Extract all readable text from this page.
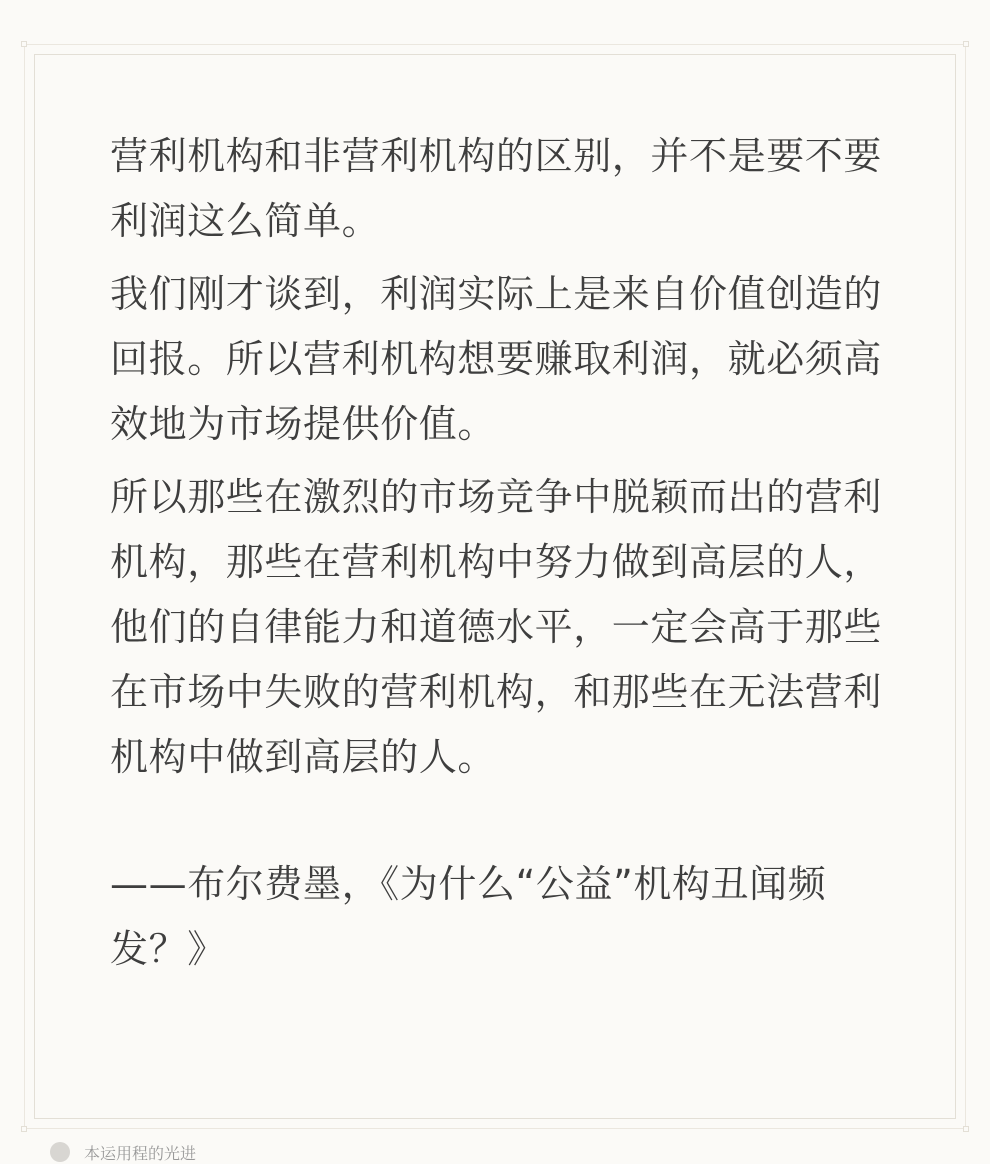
营利机构和非营利机构的区别，并不是要不要利润这么简单。

我们刚才谈到，利润实际上是来自价值创造的回报。所以营利机构想要赚取利润，就必须高效地为市场提供价值。

所以那些在激烈的市场竞争中脱颖而出的营利机构，那些在营利机构中努力做到高层的人，他们的自律能力和道德水平，一定会高于那些在市场中失败的营利机构，和那些在无法营利机构中做到高层的人。

——布尔费墨，《为什么“公益”机构丑闻频发？》

本运用程的光进
